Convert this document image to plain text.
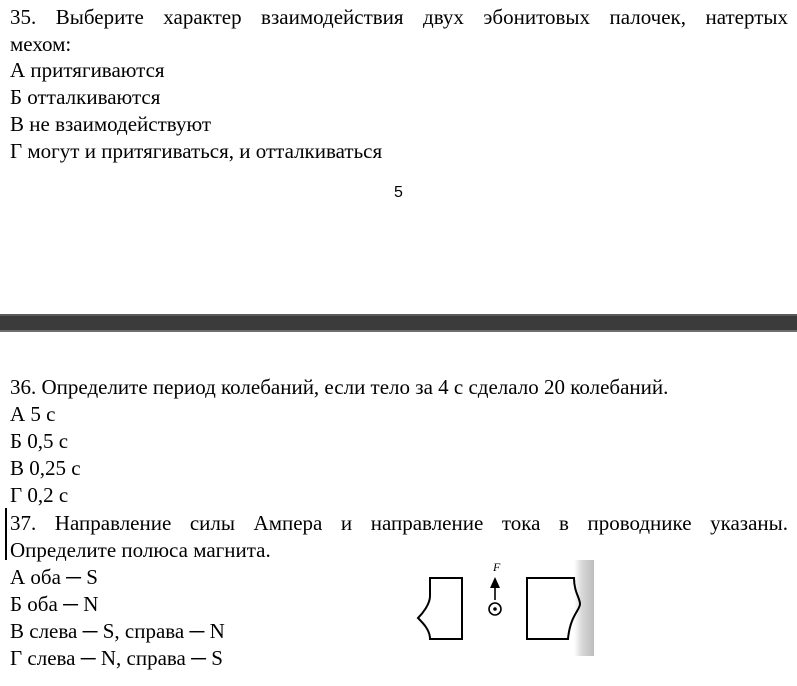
35. Выберите характер взаимодействия двух эбонитовых палочек, натертых
мехом:
А притягиваются
Б отталкиваются
В не взаимодействуют
Г могут и притягиваться, и отталкиваться
5
36. Определите период колебаний, если тело за 4 с сделало 20 колебаний.
А 5 с
Б 0,5 с
В 0,25 с
Г 0,2 с
37. Направление силы Ампера и направление тока в проводнике указаны.
Определите полюса магнита.
А оба ─ S
Б оба ─ N
В слева ─ S, справа ─ N
Г слева ─ N, справа ─ S
F
